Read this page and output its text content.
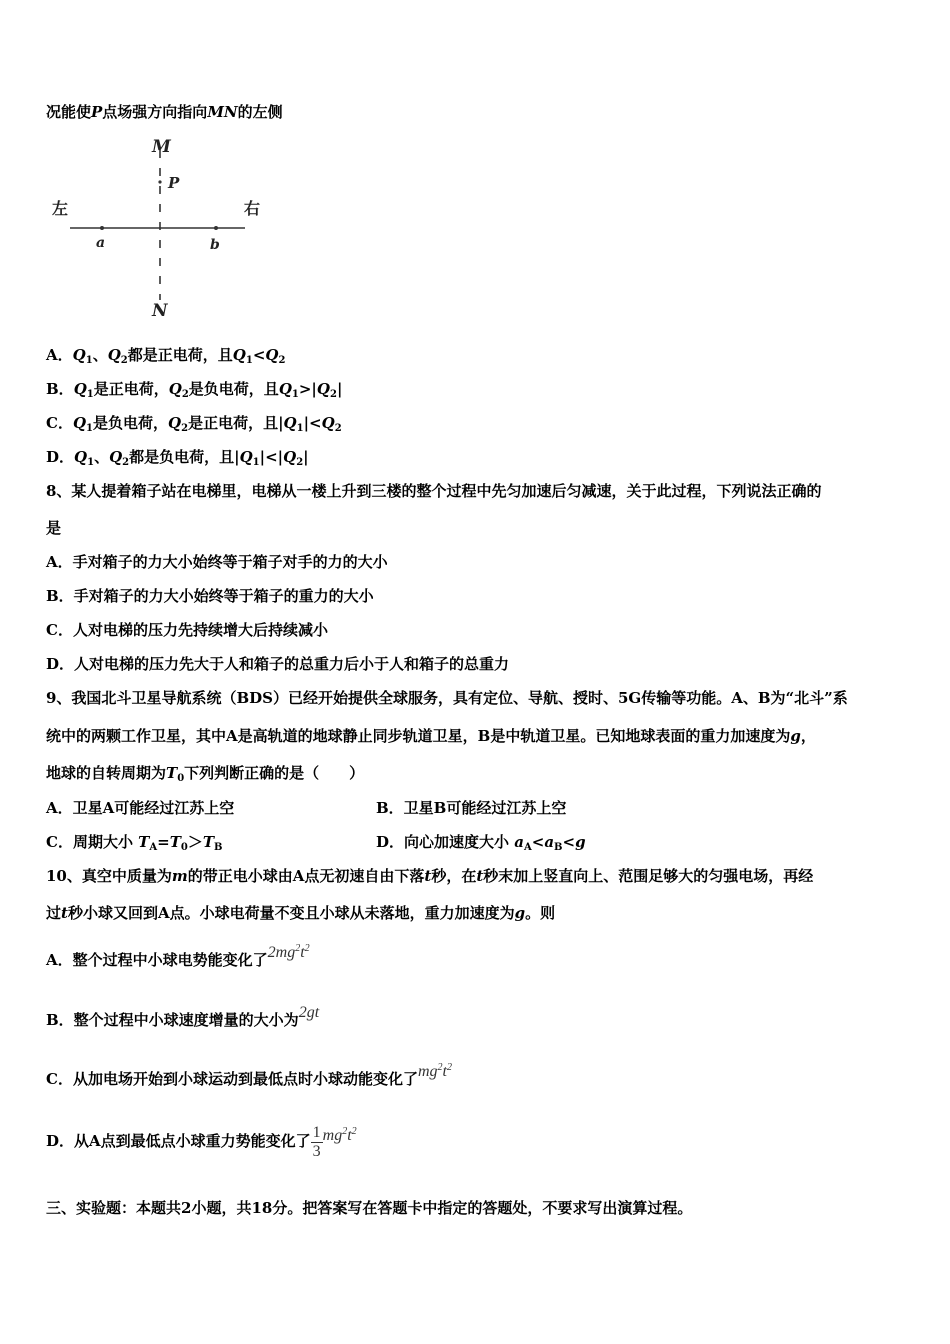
况能使P点场强方向指向MN的左侧
M
P
N
左	右
a	b
A．$Q_1$、$Q_2$都是正电荷，且$Q_1<Q_2$
B．$Q_1$是正电荷，$Q_2$是负电荷，且$Q_1>|Q_2|$
C．$Q_1$是负电荷，$Q_2$是正电荷，且$|Q_1|<Q_2$
D．$Q_1$、$Q_2$都是负电荷，且$|Q_1|<|Q_2|$
8、某人提着箱子站在电梯里，电梯从一楼上升到三楼的整个过程中先匀加速后匀减速，关于此过程，下列说法正确的
是
A．手对箱子的力大小始终等于箱子对手的力的大小
B．手对箱子的力大小始终等于箱子的重力的大小
C．人对电梯的压力先持续增大后持续减小
D．人对电梯的压力先大于人和箱子的总重力后小于人和箱子的总重力
9、我国北斗卫星导航系统（BDS）已经开始提供全球服务，具有定位、导航、授时、5G传输等功能。A、B为“北斗”系
统中的两颗工作卫星，其中A是高轨道的地球静止同步轨道卫星，B是中轨道卫星。已知地球表面的重力加速度为g，
地球的自转周期为$T_0$下列判断正确的是（　　）
A．卫星A可能经过江苏上空	B．卫星B可能经过江苏上空
C．周期大小 $T_A=T_0>T_B$	D．向心加速度大小 $a_A<a_B<g$
10、真空中质量为m的带正电小球由A点无初速自由下落t秒，在t秒末加上竖直向上、范围足够大的匀强电场，再经
过t秒小球又回到A点。小球电荷量不变且小球从未落地，重力加速度为g。则
A．整个过程中小球电势能变化了$2mg^2t^2$
B．整个过程中小球速度增量的大小为2gt
C．从加电场开始到小球运动到最低点时小球动能变化了$mg^2t^2$
D．从A点到最低点小球重力势能变化了 $\frac{1}{3} mg^2t^2$
三、实验题：本题共2小题，共18分。把答案写在答题卡中指定的答题处，不要求写出演算过程。
